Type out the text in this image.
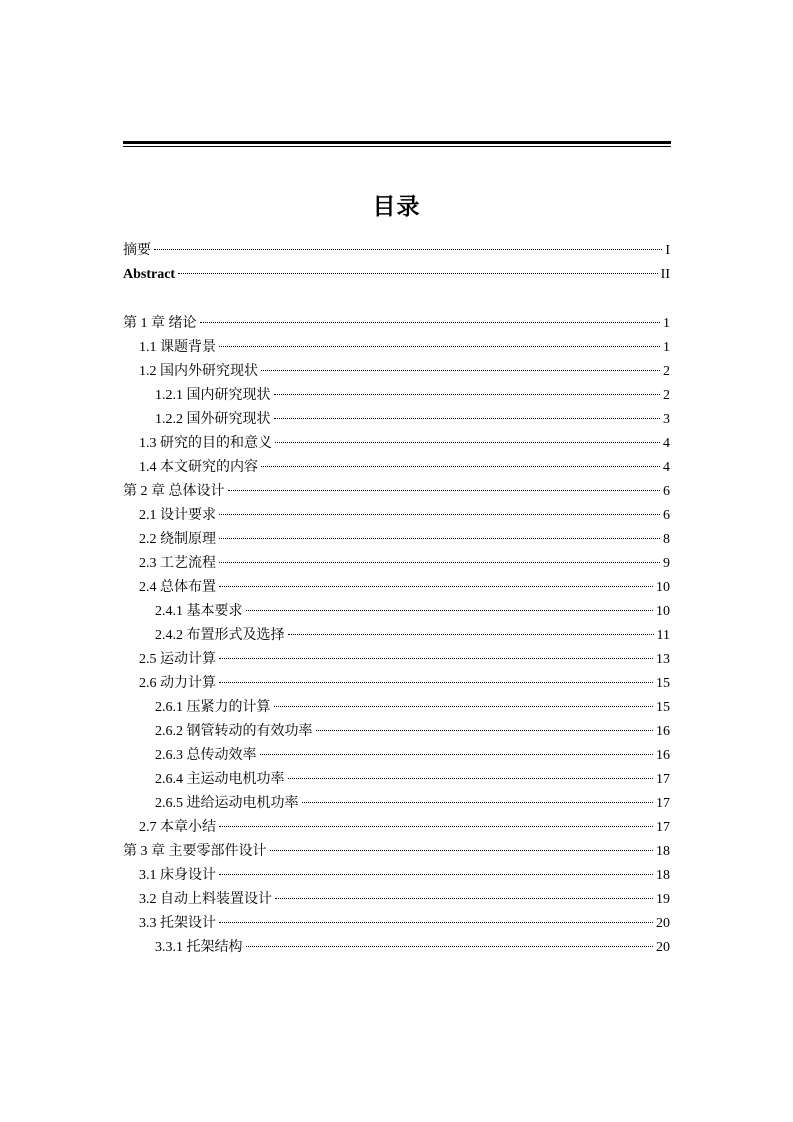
目录
摘要	I
Abstract	II
第 1 章 绪论	1
1.1 课题背景	1
1.2 国内外研究现状	2
1.2.1 国内研究现状	2
1.2.2 国外研究现状	3
1.3 研究的目的和意义	4
1.4 本文研究的内容	4
第 2 章 总体设计	6
2.1 设计要求	6
2.2 绕制原理	8
2.3 工艺流程	9
2.4 总体布置	10
2.4.1 基本要求	10
2.4.2 布置形式及选择	11
2.5 运动计算	13
2.6 动力计算	15
2.6.1 压紧力的计算	15
2.6.2 钢管转动的有效功率	16
2.6.3 总传动效率	16
2.6.4 主运动电机功率	17
2.6.5 进给运动电机功率	17
2.7 本章小结	17
第 3 章 主要零部件设计	18
3.1 床身设计	18
3.2 自动上料装置设计	19
3.3 托架设计	20
3.3.1 托架结构	20
